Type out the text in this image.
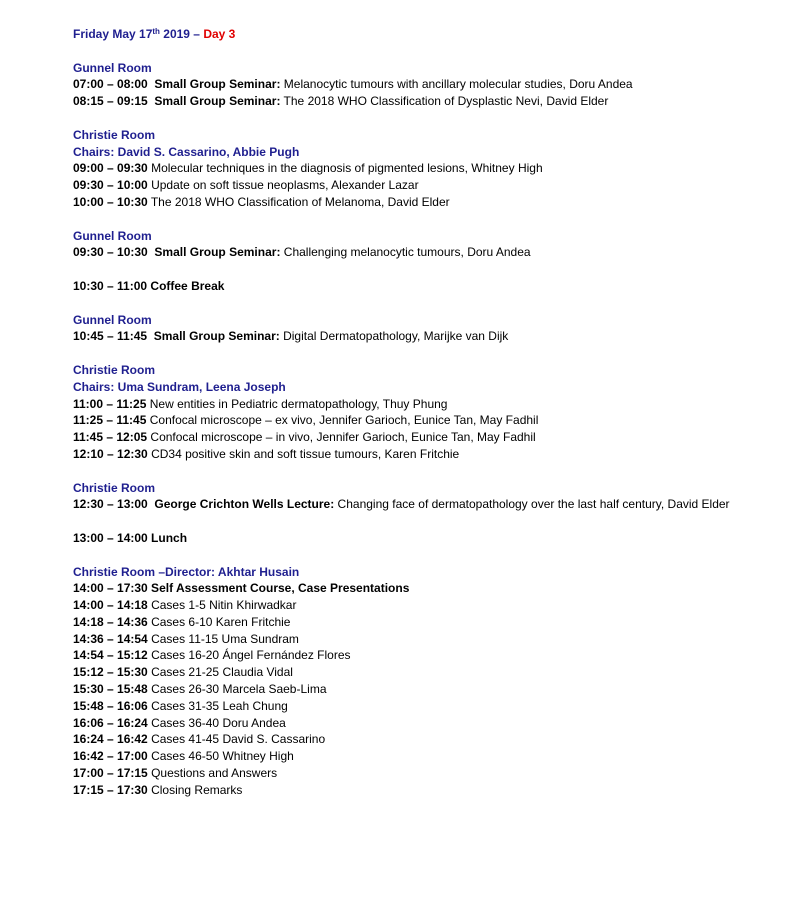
Friday May 17th 2019 – Day 3
Gunnel Room
07:00 – 08:00 Small Group Seminar: Melanocytic tumours with ancillary molecular studies, Doru Andea
08:15 – 09:15 Small Group Seminar: The 2018 WHO Classification of Dysplastic Nevi, David Elder
Christie Room
Chairs: David S. Cassarino, Abbie Pugh
09:00 – 09:30 Molecular techniques in the diagnosis of pigmented lesions, Whitney High
09:30 – 10:00 Update on soft tissue neoplasms, Alexander Lazar
10:00 – 10:30 The 2018 WHO Classification of Melanoma, David Elder
Gunnel Room
09:30 – 10:30 Small Group Seminar: Challenging melanocytic tumours, Doru Andea
10:30 – 11:00 Coffee Break
Gunnel Room
10:45 – 11:45 Small Group Seminar: Digital Dermatopathology, Marijke van Dijk
Christie Room
Chairs: Uma Sundram, Leena Joseph
11:00 – 11:25 New entities in Pediatric dermatopathology, Thuy Phung
11:25 – 11:45 Confocal microscope – ex vivo, Jennifer Garioch, Eunice Tan, May Fadhil
11:45 – 12:05 Confocal microscope – in vivo, Jennifer Garioch, Eunice Tan, May Fadhil
12:10 – 12:30 CD34 positive skin and soft tissue tumours, Karen Fritchie
Christie Room
12:30 – 13:00 George Crichton Wells Lecture: Changing face of dermatopathology over the last half century, David Elder
13:00 – 14:00 Lunch
Christie Room –Director: Akhtar Husain
14:00 – 17:30 Self Assessment Course, Case Presentations
14:00 – 14:18 Cases 1-5 Nitin Khirwadkar
14:18 – 14:36 Cases 6-10 Karen Fritchie
14:36 – 14:54 Cases 11-15 Uma Sundram
14:54 – 15:12 Cases 16-20 Ángel Fernández Flores
15:12 – 15:30 Cases 21-25 Claudia Vidal
15:30 – 15:48 Cases 26-30 Marcela Saeb-Lima
15:48 – 16:06 Cases 31-35 Leah Chung
16:06 – 16:24 Cases 36-40 Doru Andea
16:24 – 16:42 Cases 41-45 David S. Cassarino
16:42 – 17:00 Cases 46-50 Whitney High
17:00 – 17:15 Questions and Answers
17:15 – 17:30 Closing Remarks
